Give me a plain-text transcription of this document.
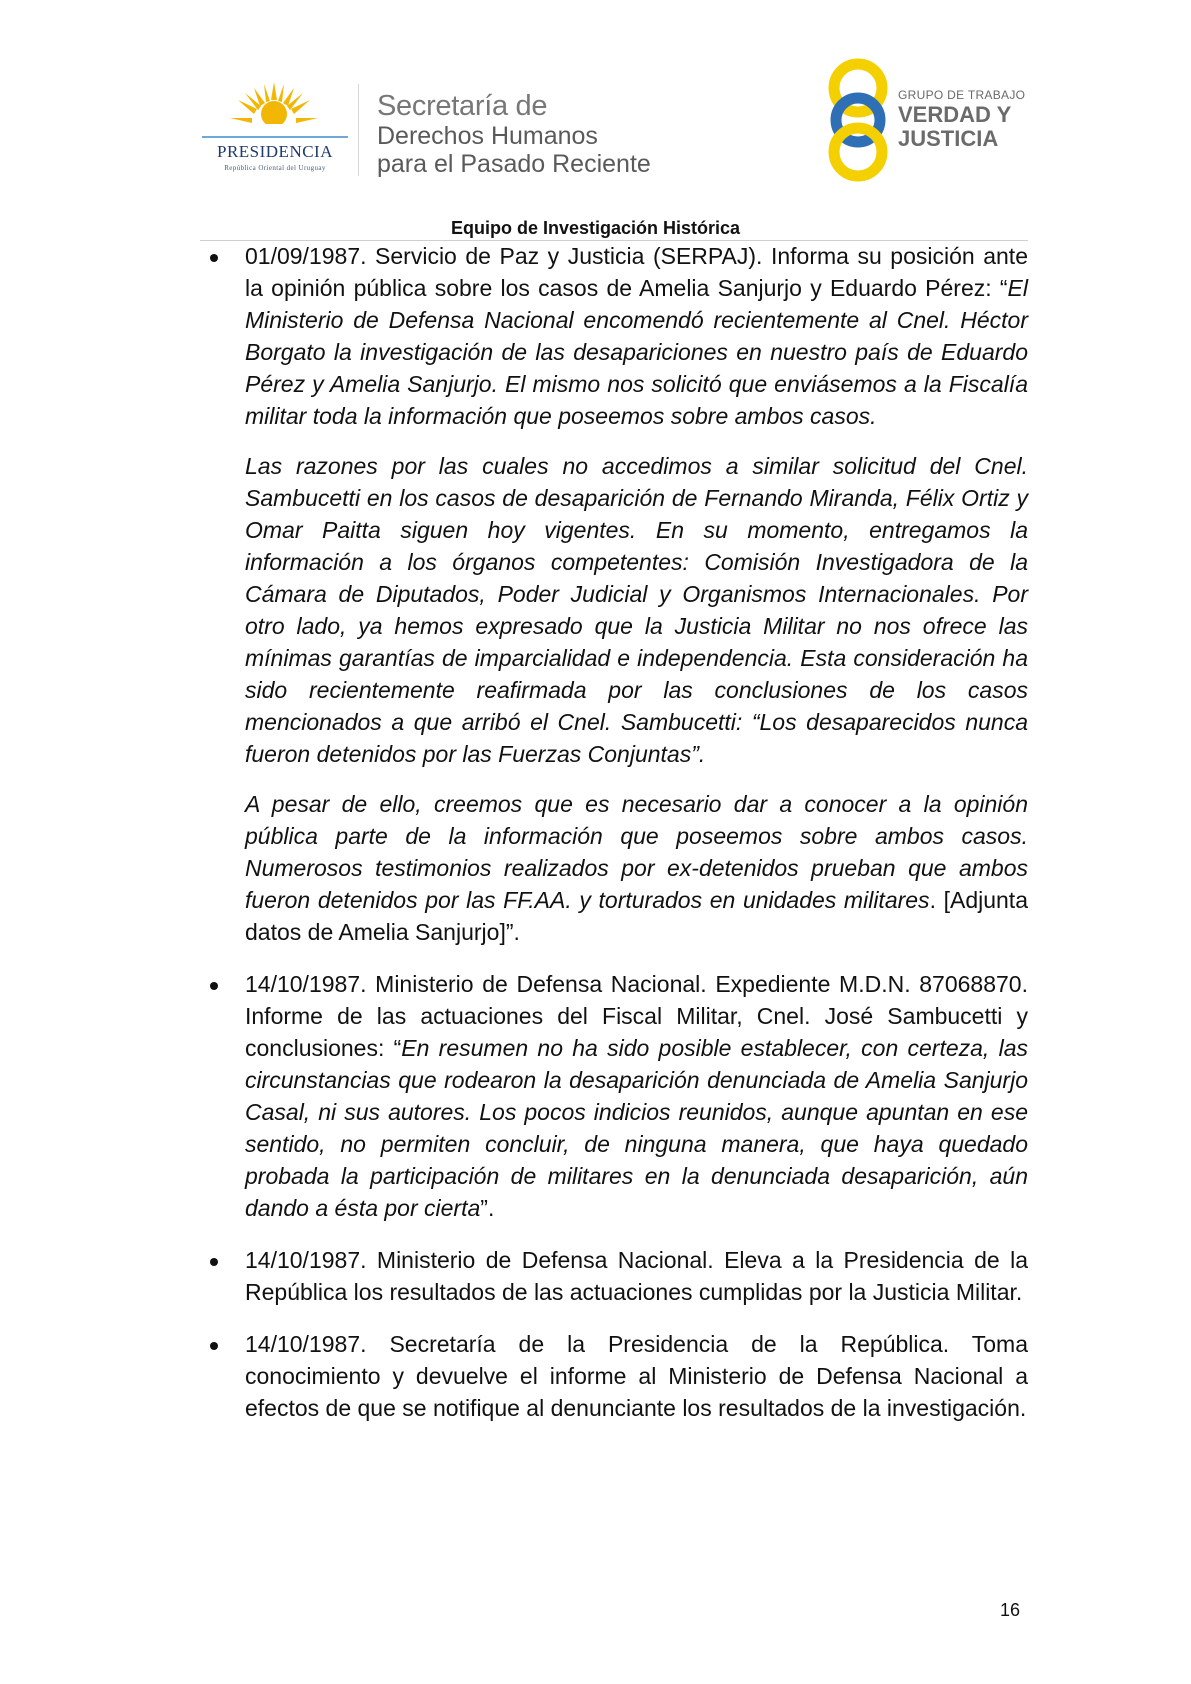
PRESIDENCIA
República Oriental del Uruguay
Secretaría de
Derechos Humanos
para el Pasado Reciente
GRUPO DE TRABAJO
VERDAD Y
JUSTICIA
Equipo de Investigación Histórica

01/09/1987. Servicio de Paz y Justicia (SERPAJ). Informa su posición ante la opinión pública sobre los casos de Amelia Sanjurjo y Eduardo Pérez: “El Ministerio de Defensa Nacional encomendó recientemente al Cnel. Héctor Borgato la investigación de las desapariciones en nuestro país de Eduardo Pérez y Amelia Sanjurjo. El mismo nos solicitó que enviásemos a la Fiscalía militar toda la información que poseemos sobre ambos casos.

Las razones por las cuales no accedimos a similar solicitud del Cnel. Sambucetti en los casos de desaparición de Fernando Miranda, Félix Ortiz y Omar Paitta siguen hoy vigentes. En su momento, entregamos la información a los órganos competentes: Comisión Investigadora de la Cámara de Diputados, Poder Judicial y Organismos Internacionales. Por otro lado, ya hemos expresado que la Justicia Militar no nos ofrece las mínimas garantías de imparcialidad e independencia. Esta consideración ha sido recientemente reafirmada por las conclusiones de los casos mencionados a que arribó el Cnel. Sambucetti: “Los desaparecidos nunca fueron detenidos por las Fuerzas Conjuntas”.

A pesar de ello, creemos que es necesario dar a conocer a la opinión pública parte de la información que poseemos sobre ambos casos. Numerosos testimonios realizados por ex-detenidos prueban que ambos fueron detenidos por las FF.AA. y torturados en unidades militares. [Adjunta datos de Amelia Sanjurjo]”.

14/10/1987. Ministerio de Defensa Nacional. Expediente M.D.N. 87068870. Informe de las actuaciones del Fiscal Militar, Cnel. José Sambucetti y conclusiones: “En resumen no ha sido posible establecer, con certeza, las circunstancias que rodearon la desaparición denunciada de Amelia Sanjurjo Casal, ni sus autores. Los pocos indicios reunidos, aunque apuntan en ese sentido, no permiten concluir, de ninguna manera, que haya quedado probada la participación de militares en la denunciada desaparición, aún dando a ésta por cierta”.

14/10/1987. Ministerio de Defensa Nacional. Eleva a la Presidencia de la República los resultados de las actuaciones cumplidas por la Justicia Militar.

14/10/1987. Secretaría de la Presidencia de la República. Toma conocimiento y devuelve el informe al Ministerio de Defensa Nacional a efectos de que se notifique al denunciante los resultados de la investigación.

16
